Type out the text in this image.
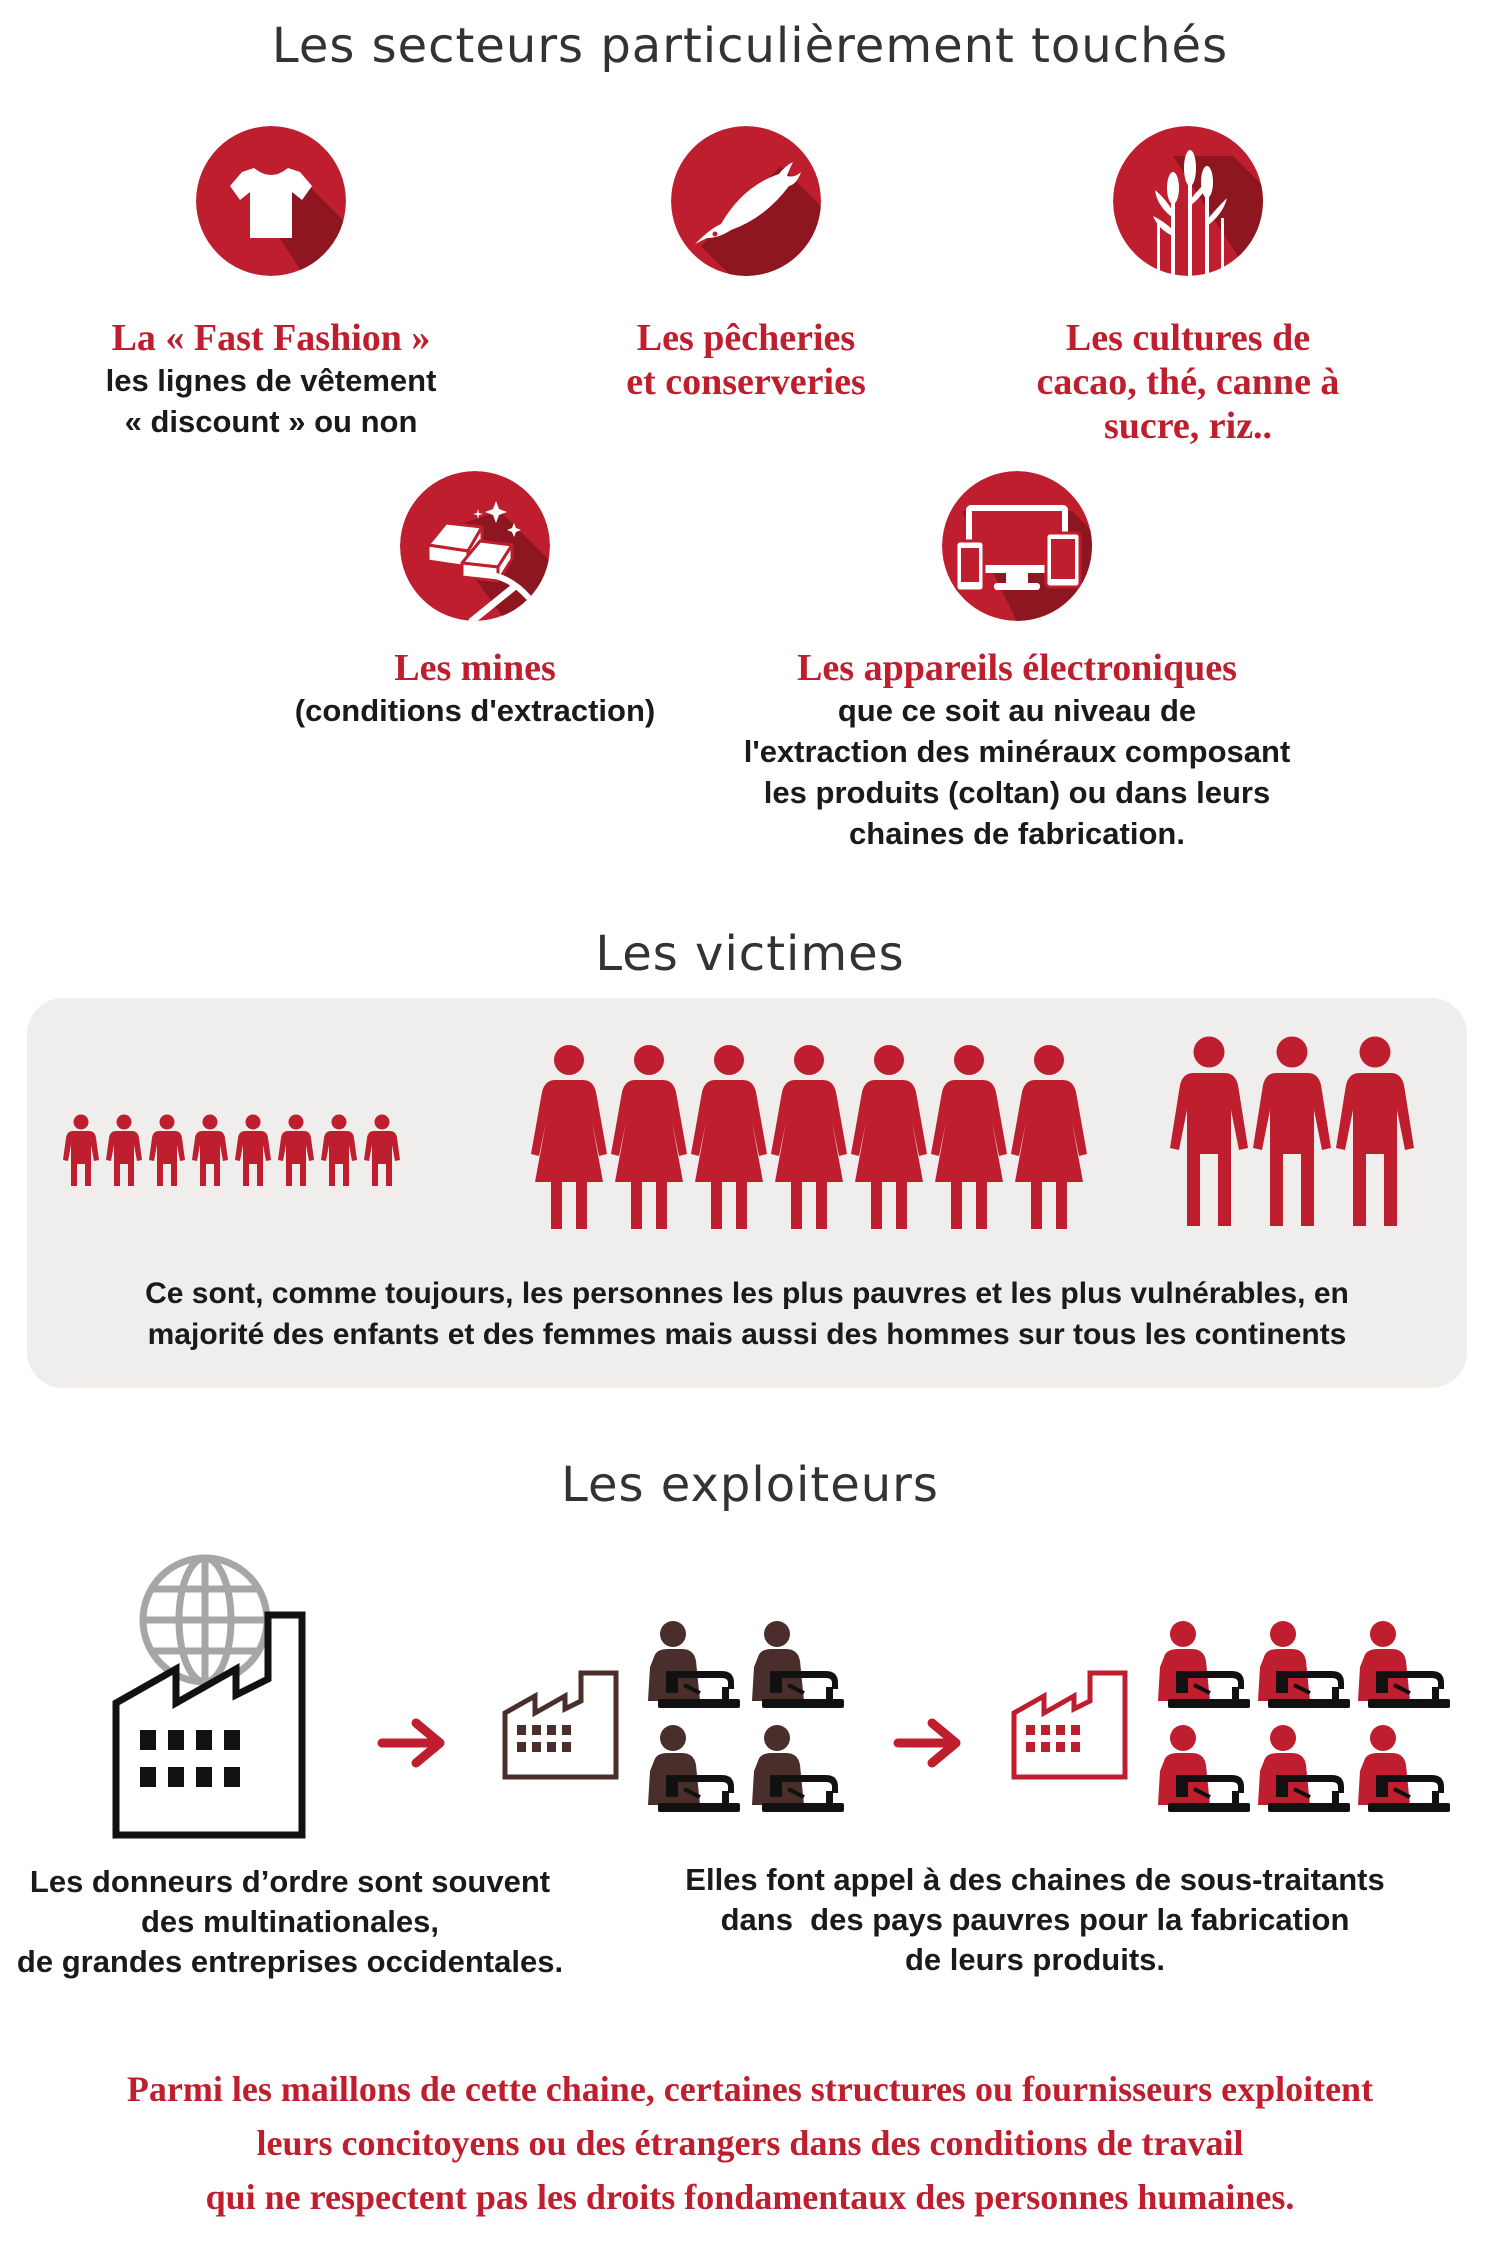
Les secteurs particulièrement touchés
La « Fast Fashion »
les lignes de vêtement
« discount » ou non
Les pêcheries
et conserveries
Les cultures de
cacao, thé, canne à
sucre, riz..
Les mines
(conditions d'extraction)
Les appareils électroniques
que ce soit au niveau de
l'extraction des minéraux composant
les produits (coltan) ou dans leurs
chaines de fabrication.
Les victimes
Ce sont, comme toujours, les personnes les plus pauvres et les plus vulnérables, en
majorité des enfants et des femmes mais aussi des hommes sur tous les continents
Les exploiteurs
Les donneurs d’ordre sont souvent
des multinationales,
de grandes entreprises occidentales.
Elles font appel à des chaines de sous-traitants
dans  des pays pauvres pour la fabrication
de leurs produits.
Parmi les maillons de cette chaine, certaines structures ou fournisseurs exploitent
leurs concitoyens ou des étrangers dans des conditions de travail
qui ne respectent pas les droits fondamentaux des personnes humaines.
